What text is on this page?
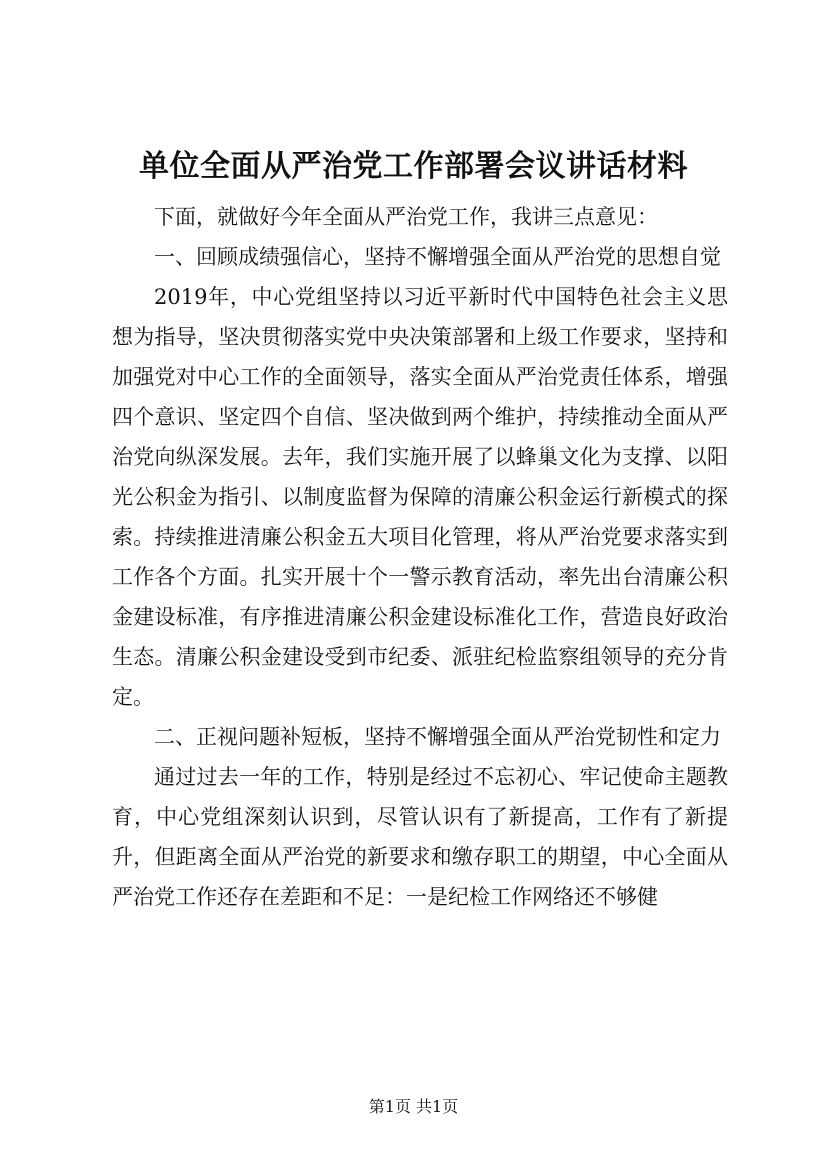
单位全面从严治党工作部署会议讲话材料

下面，就做好今年全面从严治党工作，我讲三点意见：

一、回顾成绩强信心，坚持不懈增强全面从严治党的思想自觉

2019年，中心党组坚持以习近平新时代中国特色社会主义思想为指导，坚决贯彻落实党中央决策部署和上级工作要求，坚持和加强党对中心工作的全面领导，落实全面从严治党责任体系，增强四个意识、坚定四个自信、坚决做到两个维护，持续推动全面从严治党向纵深发展。去年，我们实施开展了以蜂巢文化为支撑、以阳光公积金为指引、以制度监督为保障的清廉公积金运行新模式的探索。持续推进清廉公积金五大项目化管理，将从严治党要求落实到工作各个方面。扎实开展十个一警示教育活动，率先出台清廉公积金建设标准，有序推进清廉公积金建设标准化工作，营造良好政治生态。清廉公积金建设受到市纪委、派驻纪检监察组领导的充分肯定。

二、正视问题补短板，坚持不懈增强全面从严治党韧性和定力

通过过去一年的工作，特别是经过不忘初心、牢记使命主题教育，中心党组深刻认识到，尽管认识有了新提高，工作有了新提升，但距离全面从严治党的新要求和缴存职工的期望，中心全面从严治党工作还存在差距和不足：一是纪检工作网络还不够健

第1页 共1页
